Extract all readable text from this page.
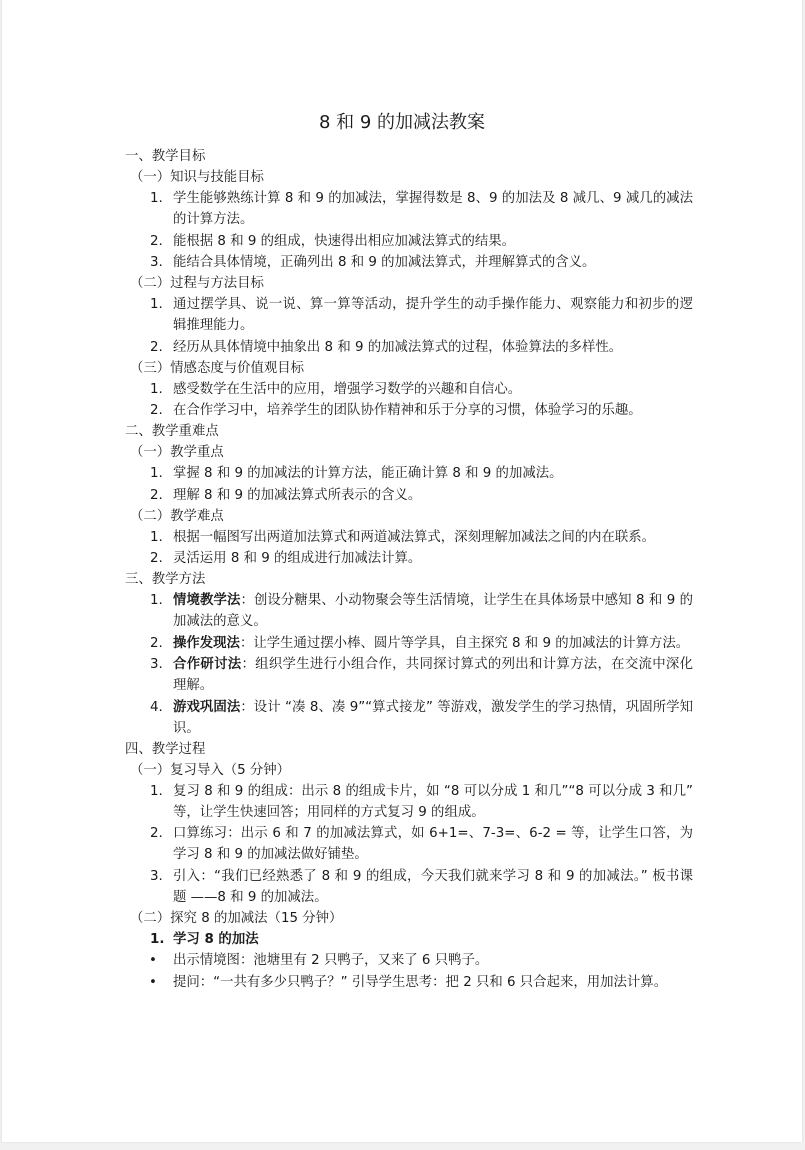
8 和 9 的加减法教案
一、教学目标
（一）知识与技能目标
1. 学生能够熟练计算 8 和 9 的加减法，掌握得数是 8、9 的加法及 8 减几、9 减几的减法的计算方法。
2. 能根据 8 和 9 的组成，快速得出相应加减法算式的结果。
3. 能结合具体情境，正确列出 8 和 9 的加减法算式，并理解算式的含义。
（二）过程与方法目标
1. 通过摆学具、说一说、算一算等活动，提升学生的动手操作能力、观察能力和初步的逻辑推理能力。
2. 经历从具体情境中抽象出 8 和 9 的加减法算式的过程，体验算法的多样性。
（三）情感态度与价值观目标
1. 感受数学在生活中的应用，增强学习数学的兴趣和自信心。
2. 在合作学习中，培养学生的团队协作精神和乐于分享的习惯，体验学习的乐趣。
二、教学重难点
（一）教学重点
1. 掌握 8 和 9 的加减法的计算方法，能正确计算 8 和 9 的加减法。
2. 理解 8 和 9 的加减法算式所表示的含义。
（二）教学难点
1. 根据一幅图写出两道加法算式和两道减法算式，深刻理解加减法之间的内在联系。
2. 灵活运用 8 和 9 的组成进行加减法计算。
三、教学方法
1. 情境教学法：创设分糖果、小动物聚会等生活情境，让学生在具体场景中感知 8 和 9 的加减法的意义。
2. 操作发现法：让学生通过摆小棒、圆片等学具，自主探究 8 和 9 的加减法的计算方法。
3. 合作研讨法：组织学生进行小组合作，共同探讨算式的列出和计算方法，在交流中深化理解。
4. 游戏巩固法：设计 “凑 8、凑 9”“算式接龙” 等游戏，激发学生的学习热情，巩固所学知识。
四、教学过程
（一）复习导入（5 分钟）
1. 复习 8 和 9 的组成：出示 8 的组成卡片，如 “8 可以分成 1 和几”“8 可以分成 3 和几” 等，让学生快速回答；用同样的方式复习 9 的组成。
2. 口算练习：出示 6 和 7 的加减法算式，如 6+1=、7-3=、6-2 = 等，让学生口答，为学习 8 和 9 的加减法做好铺垫。
3. 引入：“我们已经熟悉了 8 和 9 的组成，今天我们就来学习 8 和 9 的加减法。” 板书课题 ——8 和 9 的加减法。
（二）探究 8 的加减法（15 分钟）
1. 学习 8 的加法
•	出示情境图：池塘里有 2 只鸭子，又来了 6 只鸭子。
•	提问：“一共有多少只鸭子？” 引导学生思考：把 2 只和 6 只合起来，用加法计算。
